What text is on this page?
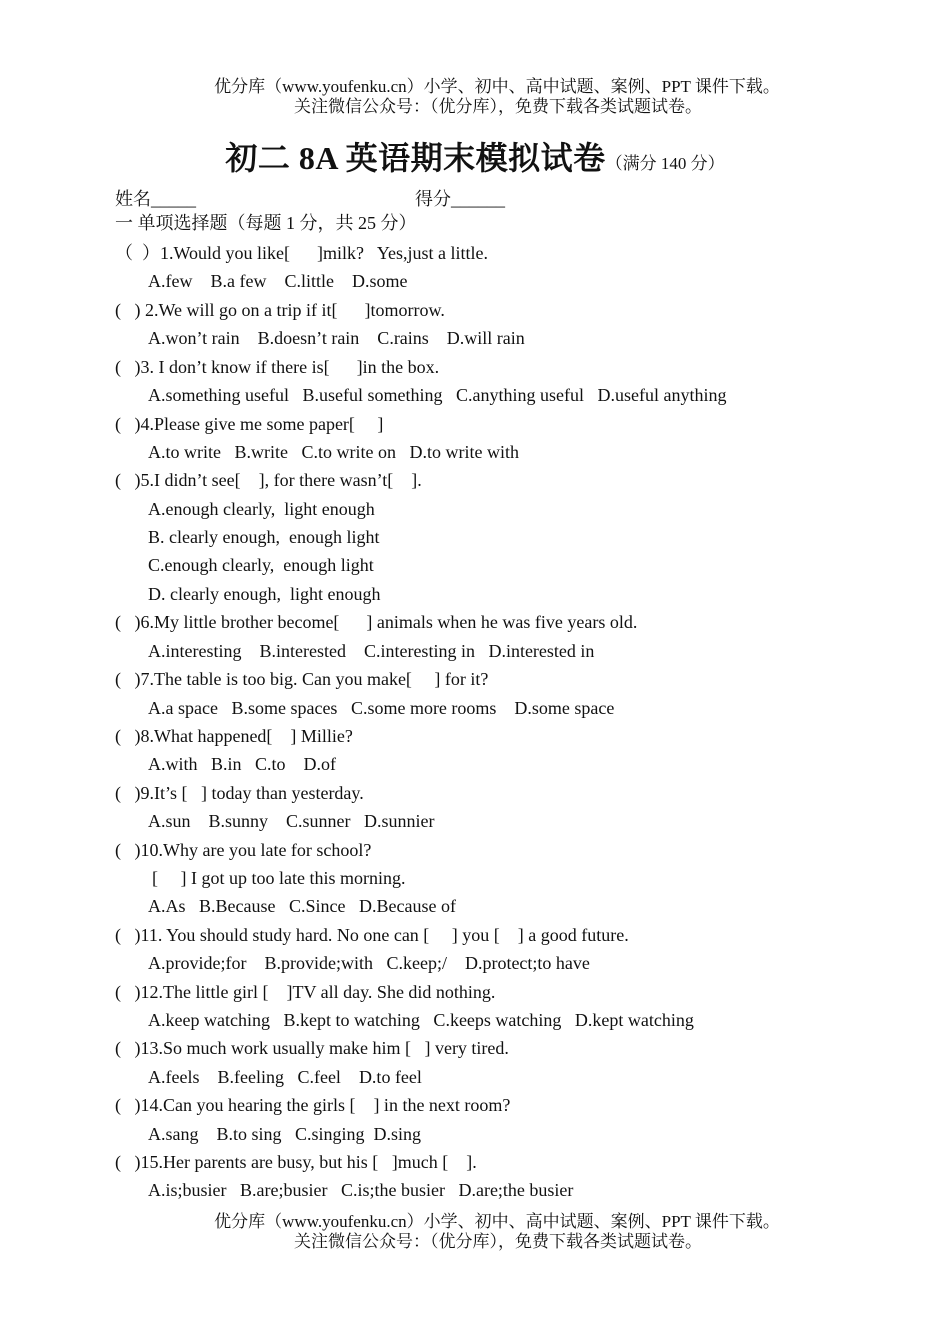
优分库（www.youfenku.cn）小学、初中、高中试题、案例、PPT 课件下载。
关注微信公众号：（优分库），免费下载各类试题试卷。
初二 8A 英语期末模拟试卷（满分 140 分）
姓名_____	得分______
一 单项选择题（每题 1 分，共 25 分）
（  ）1.Would you like[      ]milk?   Yes,just a little.
A.few    B.a few    C.little    D.some
(   ) 2.We will go on a trip if it[      ]tomorrow.
A.won’t rain    B.doesn’t rain    C.rains    D.will rain
(   )3. I don’t know if there is[      ]in the box.
A.something useful   B.useful something   C.anything useful   D.useful anything
(   )4.Please give me some paper[     ]
A.to write   B.write   C.to write on   D.to write with
(   )5.I didn’t see[    ], for there wasn’t[    ].
A.enough clearly,  light enough
B. clearly enough,  enough light
C.enough clearly,  enough light
D. clearly enough,  light enough
(   )6.My little brother become[      ] animals when he was five years old.
A.interesting    B.interested    C.interesting in   D.interested in
(   )7.The table is too big. Can you make[     ] for it?
A.a space   B.some spaces   C.some more rooms    D.some space
(   )8.What happened[    ] Millie?
A.with   B.in   C.to    D.of
(   )9.It’s [   ] today than yesterday.
A.sun    B.sunny    C.sunner   D.sunnier
(   )10.Why are you late for school?
[     ] I got up too late this morning.
A.As   B.Because   C.Since   D.Because of
(   )11. You should study hard. No one can [     ] you [    ] a good future.
A.provide;for    B.provide;with   C.keep;/    D.protect;to have
(   )12.The little girl [    ]TV all day. She did nothing.
A.keep watching   B.kept to watching   C.keeps watching   D.kept watching
(   )13.So much work usually make him [   ] very tired.
A.feels    B.feeling   C.feel    D.to feel
(   )14.Can you hearing the girls [    ] in the next room?
A.sang    B.to sing   C.singing  D.sing
(   )15.Her parents are busy, but his [   ]much [    ].
A.is;busier   B.are;busier   C.is;the busier   D.are;the busier
优分库（www.youfenku.cn）小学、初中、高中试题、案例、PPT 课件下载。
关注微信公众号：（优分库），免费下载各类试题试卷。
